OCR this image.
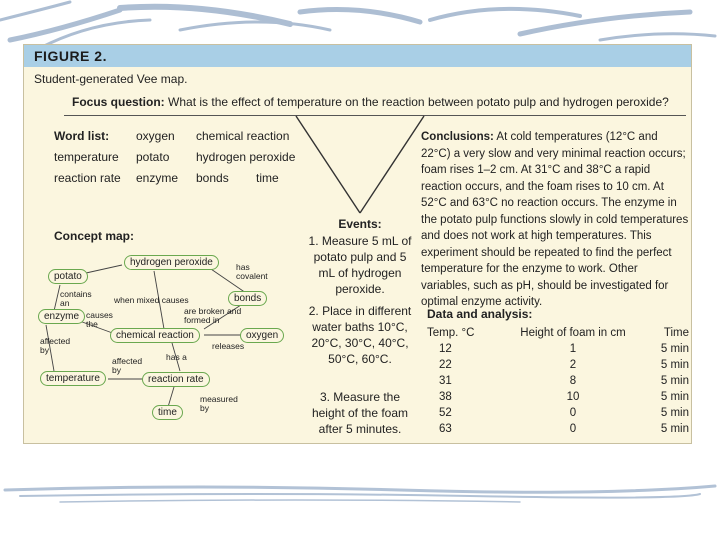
FIGURE 2.
Student-generated Vee map.
Focus question: What is the effect of temperature on the reaction between potato pulp and hydrogen peroxide?
Word list: oxygen chemical reaction
temperature potato hydrogen peroxide
reaction rate enzyme bonds time
Concept map:
hydrogen peroxide
potato
enzyme
bonds
chemical reaction	oxygen
temperature	reaction rate
time
has covalent
contains an	when mixed causes
are broken and formed in
causes the
releases
affected by
affected by
has a
measured by
Events:
1. Measure 5 mL of potato pulp and 5 mL of hydrogen peroxide.
2. Place in different water baths 10°C, 20°C, 30°C, 40°C, 50°C, 60°C.
3. Measure the height of the foam after 5 minutes.
Conclusions: At cold temperatures (12°C and 22°C) a very slow and very minimal reaction occurs; foam rises 1–2 cm. At 31°C and 38°C a rapid reaction occurs, and the foam rises to 10 cm. At 52°C and 63°C no reaction occurs. The enzyme in the potato pulp functions slowly in cold temperatures and does not work at high temperatures. This experiment should be repeated to find the perfect temperature for the enzyme to work. Other variables, such as pH, should be investigated for optimal enzyme activity.
Data and analysis:
Temp. °C	Height of foam in cm	Time
12	1	5 min
22	2	5 min
31	8	5 min
38	10	5 min
52	0	5 min
63	0	5 min
